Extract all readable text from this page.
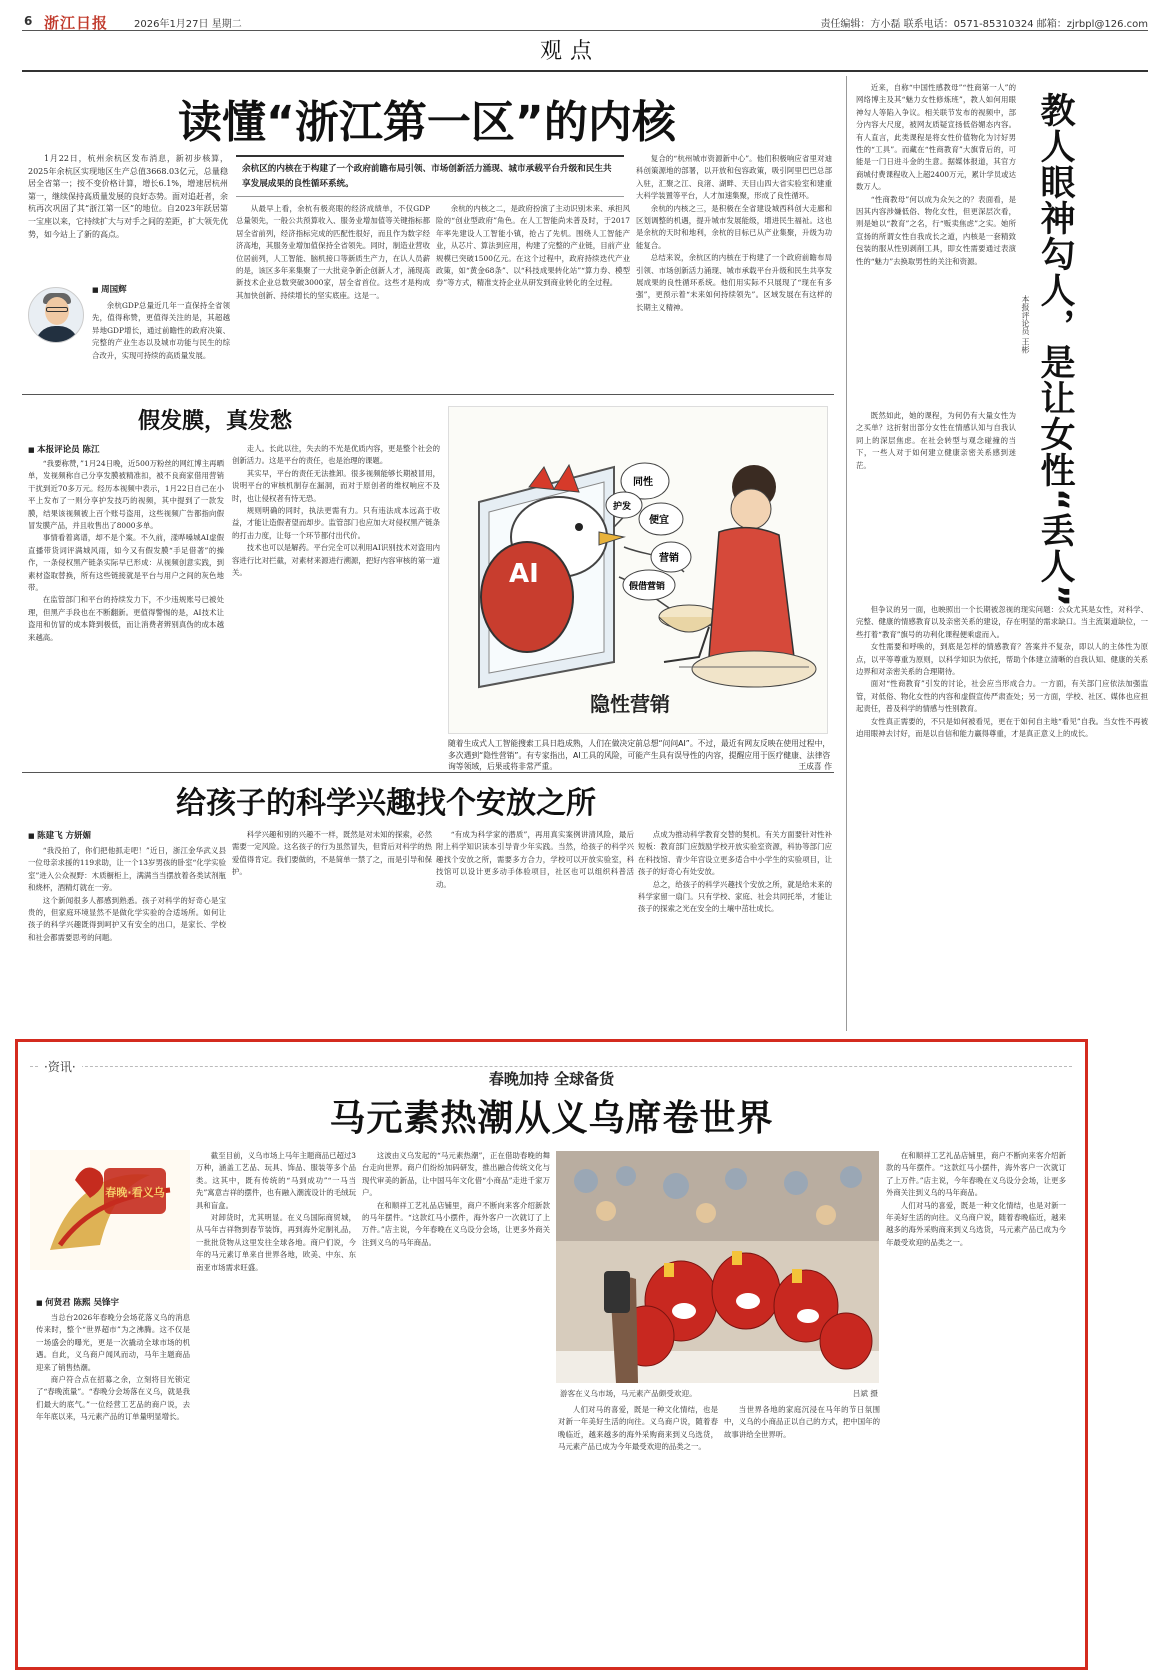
6 浙江日报	2026年1月27日 星期二	责任编辑：方小磊 联系电话：0571-85310324 邮箱：zjrbpl@126.com
观点
读懂“浙江第一区”的内核

1月22日，杭州余杭区发布消息，新初步核算，2025年余杭区实现地区生产总值3668.03亿元，总量稳居全省第一；按不变价格计算，增长6.1%，增速居杭州第一，继续保持高质量发展的良好态势。面对追赶者，余杭再次巩固了其“浙江第一区”的地位。自2023年跃居第一宝座以来，它持续扩大与对手之间的差距，扩大领先优势，如今站上了新的高点。

余杭区的内核在于构建了一个政府前瞻布局引领、市场创新活力涌现、城市承载平台升级和民生共享发展成果的良性循环系统。
■ 周国辉

余杭GDP总量近几年一直保持全省领先，值得称赞，更值得关注的是，其超越异地GDP增长，通过前瞻性的政府决策、完整的产业生态以及城市功能与民生的综合改升，实现可持续的高质量发展。

从最早上看，余杭有极亮眼的经济成绩单，不仅GDP总量领先，一般公共预算收入、服务业增加值等关键指标都居全省前列，经济指标完成的匹配性很好，而且作为数字经济高地，其服务业增加值保持全省领先。同时，制造业营收位居前列，人工智能、脑机接口等新质生产力，在认人员薪的是，该区多年来集聚了一大批竞争新企创新人才，涌现高新技术企业总数突破3000家，居全省首位。这些才是构成其加快创新、持续增长的坚实底座。这是一。

余杭的内核之二，是政府扮演了主动识别未来、承担风险的“创业型政府”角色。在人工智能尚未普及时，于2017年率先建设人工智能小镇，抢占了先机。围绕人工智能产业，从芯片、算法到应用，构建了完整的产业链，目前产业规模已突破1500亿元。在这个过程中，政府持续迭代产业政策，如“黄金68条”、以“科技成果转化站”“算力券、模型券”等方式，精准支持企业从研发到商业转化的全过程。

复合的“杭州城市资源新中心”。他们积极响应省里对迪科创策源地的部署，以开放和包容政策，吸引阿里巴巴总部入驻，汇聚之江、良渚、湖畔、天目山四大省实验室和建重大科学装置等平台，人才加速集聚，形成了良性循环。

余杭的内核之三，是积极在全省建设城西科创大走廊和区划调整的机遇，提升城市发展能级，增进民生福祉。这也是余杭的天时和地利，余杭的目标已从产业集聚，升级为功能复合。

总结来说，余杭区的内核在于构建了一个政府前瞻布局引领、市场创新活力涌现、城市承载平台升级和民生共享发展成果的良性循环系统。他们用实际不只展现了“现在有多强”，更预示着“未来如何持续领先”。区域发展在有这样的长期主义精神。

假发膜，真发愁
■ 本报评论员 陈江

“我要称赞，”1月24日晚，近500万粉丝的网红博主再晒单，发视频称自己分享发膜被精准扣，被不良商家借用营销干扰到近70多万元。经历本视频中表示，1月22日自己在小平上发布了一则分享护发技巧的视频，其中提到了一款发膜，结果该视频被上百个账号盗用，这些视频广告都指向假冒发膜产品，并且收售出了8000多单。

事情看着离谱，却不是个案。不久前，漾哗嗓城AI虚假直播带货词评满城风雨，如今又有假发膜“手足借著”的操作，一条侵权黑产链条实际早已形成：从视频创意实践，到素材盗取替换，所有这些链接就是平台与用户之间的灰色地带。

在监管部门和平台的持续发力下，不少违规账号已被处理，但黑产手段也在不断翻新。更值得警惕的是，AI技术让盗用和仿冒的成本降到极低，而让消费者辨别真伪的成本越来越高。

走人。长此以往，失去的不光是优质内容，更是整个社会的创新活力。这是平台的责任，也是治理的课题。

其实早，平台的责任无法推卸。很多视频能够长期被冒用，说明平台的审核机制存在漏洞，而对于原创者的维权响应不及时，也让侵权者有恃无恐。

规则明确的同时，执法更需有力。只有违法成本远高于收益，才能让造假者望而却步。监管部门也应加大对侵权黑产链条的打击力度，让每一个环节都付出代价。

技术也可以是解药。平台完全可以利用AI识别技术对盗用内容进行比对拦截，对素材来源进行溯源，把好内容审核的第一道关。	AI
同性
便宜
护发
营销
假借营销
隐性营销
随着生成式人工智能搜索工具日趋成熟，人们在做决定前总想“问问AI”。不过，最近有网友反映在使用过程中，多次遇到“隐性营销”。有专家指出，AI工具的风险，可能产生具有误导性的内容，提醒应用于医疗健康、法律咨询等领域，后果或将非常严重。	王成喜 作
给孩子的科学兴趣找个安放之所
■ 陈建飞 方妍媚

“我没拍了，你们把他抓走吧！”近日，浙江金华武义县一位母亲求援的119求助，让一个13岁男孩的卧室“化学实验室”进入公众视野：木质橱柜上，满满当当摆放着各类试剂瓶和烧杯，酒精灯就在一旁。

这个新闻很多人都感到熟悉。孩子对科学的好奇心是宝贵的，但家庭环境显然不是做化学实验的合适场所。如何让孩子的科学兴趣既得到呵护又有安全的出口，是家长、学校和社会都需要思考的问题。

科学兴趣和别的兴趣不一样，既然是对未知的探索，必然需要一定风险。这名孩子的行为虽然冒失，但背后对科学的热爱值得肯定。我们要做的，不是简单一禁了之，而是引导和保护。

“有成为科学家的潜质”，再用真实案例讲清风险，最后附上科学知识读本引导青少年实践。当然，给孩子的科学兴趣找个安放之所，需要多方合力，学校可以开放实验室，科技馆可以设计更多动手体验项目，社区也可以组织科普活动。

点成为推动科学教育交替的契机。有关方面要针对性补短板：教育部门应鼓励学校开放实验室资源，科协等部门应在科技馆、青少年宫设立更多适合中小学生的实验项目，让孩子的好奇心有处安放。

总之，给孩子的科学兴趣找个安放之所，就是给未来的科学家留一扇门。只有学校、家庭、社会共同托举，才能让孩子的探索之光在安全的土壤中茁壮成长。

近来，自称“中国性感教母”“性商第一人”的网络博主及其“魅力女性修炼班”，教人如何用眼神勾人等陷入争议。相关联节发布的视频中，部分内容大尺度，被网友质疑宣扬低俗媚态内容。有人直言，此类课程是将女性价值物化为讨好男性的“工具”。而藏在“性商教育”大旗背后的，可能是一门日进斗金的生意。据媒体报道，其官方商城付费课程收入上超2400万元，累计学员或达数万人。

“性商教母”何以成为众矢之的？表面看，是因其内容涉嫌低俗、物化女性，但更深层次看，则是她以“教育”之名，行“贩卖焦虑”之实。她所宣扬的所谓女性自我成长之道，内核是一套精致包装的服从性别剥削工具，即女性需要通过表演性的“魅力”去换取男性的关注和资源。	教人眼神勾人，是让女性“丢人”
本报评论员 王彬

既然如此，她的课程，为何仍有大量女性为之买单？这折射出部分女性在情感认知与自我认同上的深层焦虑。在社会转型与观念碰撞的当下，一些人对于如何建立健康亲密关系感到迷茫。

但争议的另一面，也映照出一个长期被忽视的现实问题：公众尤其是女性，对科学、完整、健康的情感教育以及亲密关系的建设，存在明显的需求缺口。当主流渠道缺位，一些打着“教育”旗号的功利化课程便乘虚而入。

女性需要和呼唤的，到底是怎样的情感教育？答案并不复杂，即以人的主体性为原点，以平等尊重为原则，以科学知识为依托，帮助个体建立清晰的自我认知、健康的关系边界和对亲密关系的合理期待。

面对“性商教育”引发的讨论，社会应当形成合力。一方面，有关部门应依法加强监管，对低俗、物化女性的内容和虚假宣传严肃查处；另一方面，学校、社区、媒体也应担起责任，普及科学的情感与性别教育。

女性真正需要的，不只是如何被看见，更在于如何自主地“看见”自我。当女性不再被迫用眼神去讨好，而是以自信和能力赢得尊重，才是真正意义上的成长。

·资讯·
春晚加持 全球备货
马元素热潮从义乌席卷世界
春晚·看义乌
■ 何贤君 陈熙 吴锋宇

当总台2026年春晚分会场花落义乌的消息传来时，整个“世界超市”为之沸腾。这不仅是一场盛会的曝光，更是一次撬动全球市场的机遇。自此，义乌商户闻风而动，马年主题商品迎来了销售热潮。

商户符合点在招募之余，立刻将目光锁定了“春晚流量”。“春晚分会场落在义乌，就是我们最大的底气。”一位经营工艺品的商户说，去年年底以来，马元素产品的订单量明显增长。

截至目前，义乌市场上马年主题商品已超过3万种，涵盖工艺品、玩具、饰品、服装等多个品类。这其中，既有传统的“马到成功”“一马当先”寓意吉祥的摆件，也有融入潮流设计的毛绒玩具和盲盒。

对卸货时，尤其明显。在义乌国际商贸城，从马年吉祥物到春节装饰，再到海外定制礼品，一批批货物从这里发往全球各地。商户们说，今年的马元素订单来自世界各地，欧美、中东、东南亚市场需求旺盛。

这波由义乌发起的“马元素热潮”，正在借助春晚的舞台走向世界。商户们纷纷加码研发，推出融合传统文化与现代审美的新品，让中国马年文化借“小商品”走进千家万户。

在和顺祥工艺礼品店铺里，商户不断向来客介绍新款的马年摆件。“这款红马小摆件，海外客户一次就订了上万件。”店主说，今年春晚在义乌设分会场，让更多外商关注到义乌的马年商品。

游客在义乌市场，马元素产品颇受欢迎。	吕斌 摄

人们对马的喜爱，既是一种文化情结，也是对新一年美好生活的向往。义乌商户说，随着春晚临近，越来越多的海外采购商来到义乌选货，马元素产品已成为今年最受欢迎的品类之一。

当世界各地的家庭沉浸在马年的节日氛围中，义乌的小商品正以自己的方式，把中国年的故事讲给全世界听。

在和顺祥工艺礼品店铺里，商户不断向来客介绍新款的马年摆件。“这款红马小摆件，海外客户一次就订了上万件。”店主说，今年春晚在义乌设分会场，让更多外商关注到义乌的马年商品。

人们对马的喜爱，既是一种文化情结，也是对新一年美好生活的向往。义乌商户说，随着春晚临近，越来越多的海外采购商来到义乌选货，马元素产品已成为今年最受欢迎的品类之一。
